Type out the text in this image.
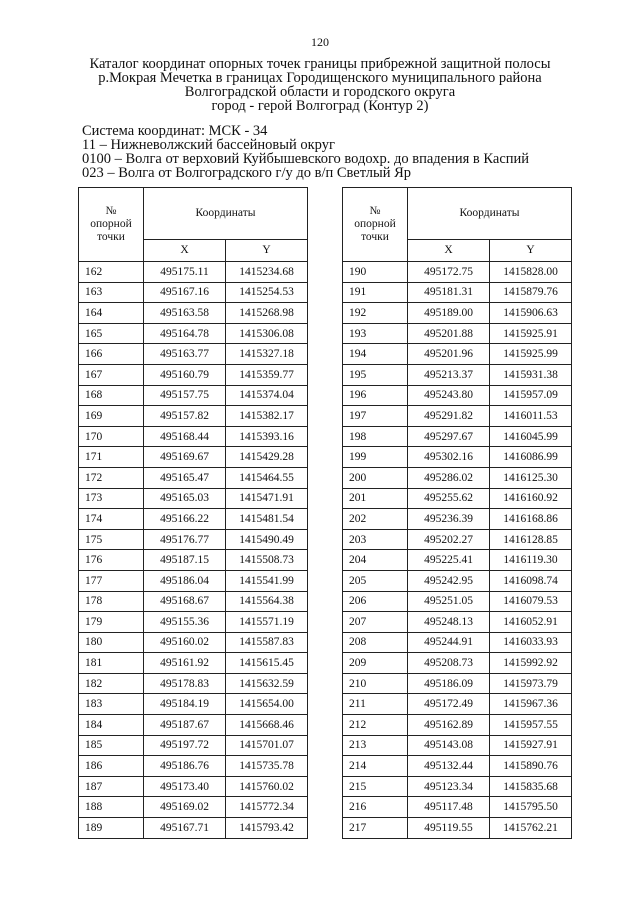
120
Каталог координат опорных точек границы прибрежной защитной полосы
р.Мокрая Мечетка в границах Городищенского муниципального района
Волгоградской области и городского округа
город - герой Волгоград (Контур 2)
Система координат: МСК - 34
11 – Нижневолжский бассейновый округ
0100 – Волга от верховий Куйбышевского водохр. до впадения в Каспий
023 – Волга от Волгоградского г/у до в/п Светлый Яр
№
опорной
точки	Координаты	
	X	Y
162	495175.11	1415234.68
163	495167.16	1415254.53
164	495163.58	1415268.98
165	495164.78	1415306.08
166	495163.77	1415327.18
167	495160.79	1415359.77
168	495157.75	1415374.04
169	495157.82	1415382.17
170	495168.44	1415393.16
171	495169.67	1415429.28
172	495165.47	1415464.55
173	495165.03	1415471.91
174	495166.22	1415481.54
175	495176.77	1415490.49
176	495187.15	1415508.73
177	495186.04	1415541.99
178	495168.67	1415564.38
179	495155.36	1415571.19
180	495160.02	1415587.83
181	495161.92	1415615.45
182	495178.83	1415632.59
183	495184.19	1415654.00
184	495187.67	1415668.46
185	495197.72	1415701.07
186	495186.76	1415735.78
187	495173.40	1415760.02
188	495169.02	1415772.34
189	495167.71	1415793.42
№
опорной
точки	Координаты	
	X	Y
190	495172.75	1415828.00
191	495181.31	1415879.76
192	495189.00	1415906.63
193	495201.88	1415925.91
194	495201.96	1415925.99
195	495213.37	1415931.38
196	495243.80	1415957.09
197	495291.82	1416011.53
198	495297.67	1416045.99
199	495302.16	1416086.99
200	495286.02	1416125.30
201	495255.62	1416160.92
202	495236.39	1416168.86
203	495202.27	1416128.85
204	495225.41	1416119.30
205	495242.95	1416098.74
206	495251.05	1416079.53
207	495248.13	1416052.91
208	495244.91	1416033.93
209	495208.73	1415992.92
210	495186.09	1415973.79
211	495172.49	1415967.36
212	495162.89	1415957.55
213	495143.08	1415927.91
214	495132.44	1415890.76
215	495123.34	1415835.68
216	495117.48	1415795.50
217	495119.55	1415762.21
